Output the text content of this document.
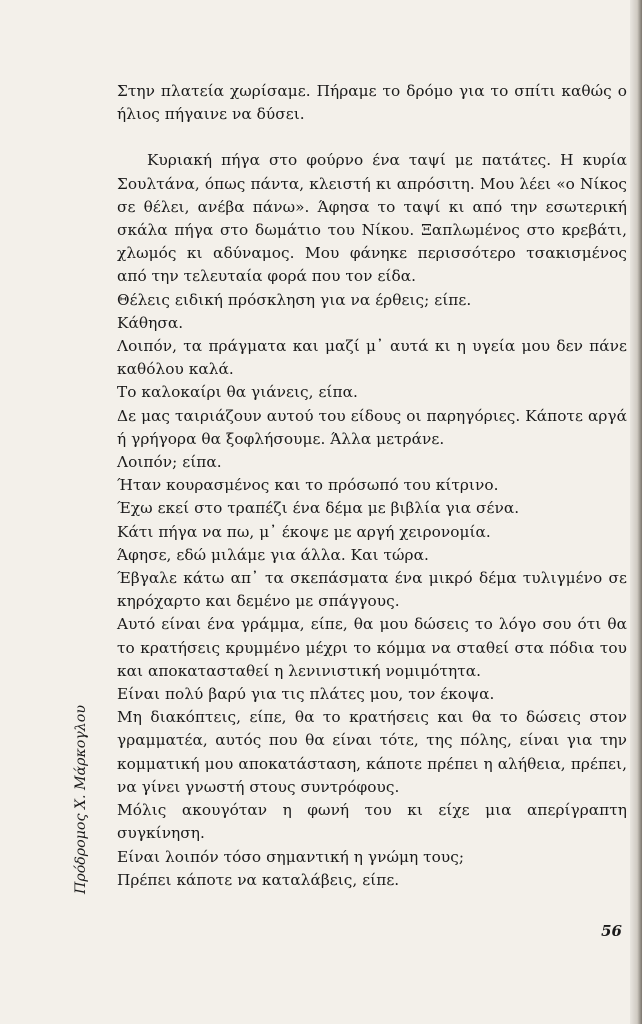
Στην πλατεία χωρίσαμε. Πήραμε το δρόμο για το σπίτι καθώς ο ήλιος πήγαινε να δύσει.

Κυριακή πήγα στο φούρνο ένα ταψί με πατάτες. Η κυρία Σουλτάνα, όπως πάντα, κλειστή κι απρόσιτη. Μου λέει «ο Νίκος σε θέλει, ανέβα πάνω». Άφησα το ταψί κι από την εσωτερική σκάλα πήγα στο δωμάτιο του Νίκου. Ξαπλωμένος στο κρεβάτι, χλωμός κι αδύναμος. Μου φάνηκε περισσότερο τσακισμένος από την τελευταία φορά που τον είδα.

Θέλεις ειδική πρόσκληση για να έρθεις; είπε.

Κάθησα.

Λοιπόν, τα πράγματα και μαζί μ᾽ αυτά κι η υγεία μου δεν πάνε καθόλου καλά.

Το καλοκαίρι θα γιάνεις, είπα.

Δε μας ταιριάζουν αυτού του είδους οι παρηγόριες. Κάποτε αργά ή γρήγορα θα ξοφλήσουμε. Άλλα μετράνε.

Λοιπόν; είπα.

Ήταν κουρασμένος και το πρόσωπό του κίτρινο.

Έχω εκεί στο τραπέζι ένα δέμα με βιβλία για σένα.

Κάτι πήγα να πω, μ᾽ έκοψε με αργή χειρονομία.

Άφησε, εδώ μιλάμε για άλλα. Και τώρα.

Έβγαλε κάτω απ᾽ τα σκεπάσματα ένα μικρό δέμα τυλιγμένο σε κηρόχαρτο και δεμένο με σπάγγους.

Αυτό είναι ένα γράμμα, είπε, θα μου δώσεις το λόγο σου ότι θα το κρατήσεις κρυμμένο μέχρι το κόμμα να σταθεί στα πόδια του και αποκατασταθεί η λενινιστική νομιμότητα.

Είναι πολύ βαρύ για τις πλάτες μου, τον έκοψα.

Μη διακόπτεις, είπε, θα το κρατήσεις και θα το δώσεις στον γραμματέα, αυτός που θα είναι τότε, της πόλης, είναι για την κομματική μου αποκατάσταση, κάποτε πρέπει η αλήθεια, πρέπει, να γίνει γνωστή στους συντρόφους.

Μόλις ακουγόταν η φωνή του κι είχε μια απερίγραπτη συγκίνηση.

Είναι λοιπόν τόσο σημαντική η γνώμη τους;

Πρέπει κάποτε να καταλάβεις, είπε.

Πρόδρομος Χ. Μάρκογλου
56
